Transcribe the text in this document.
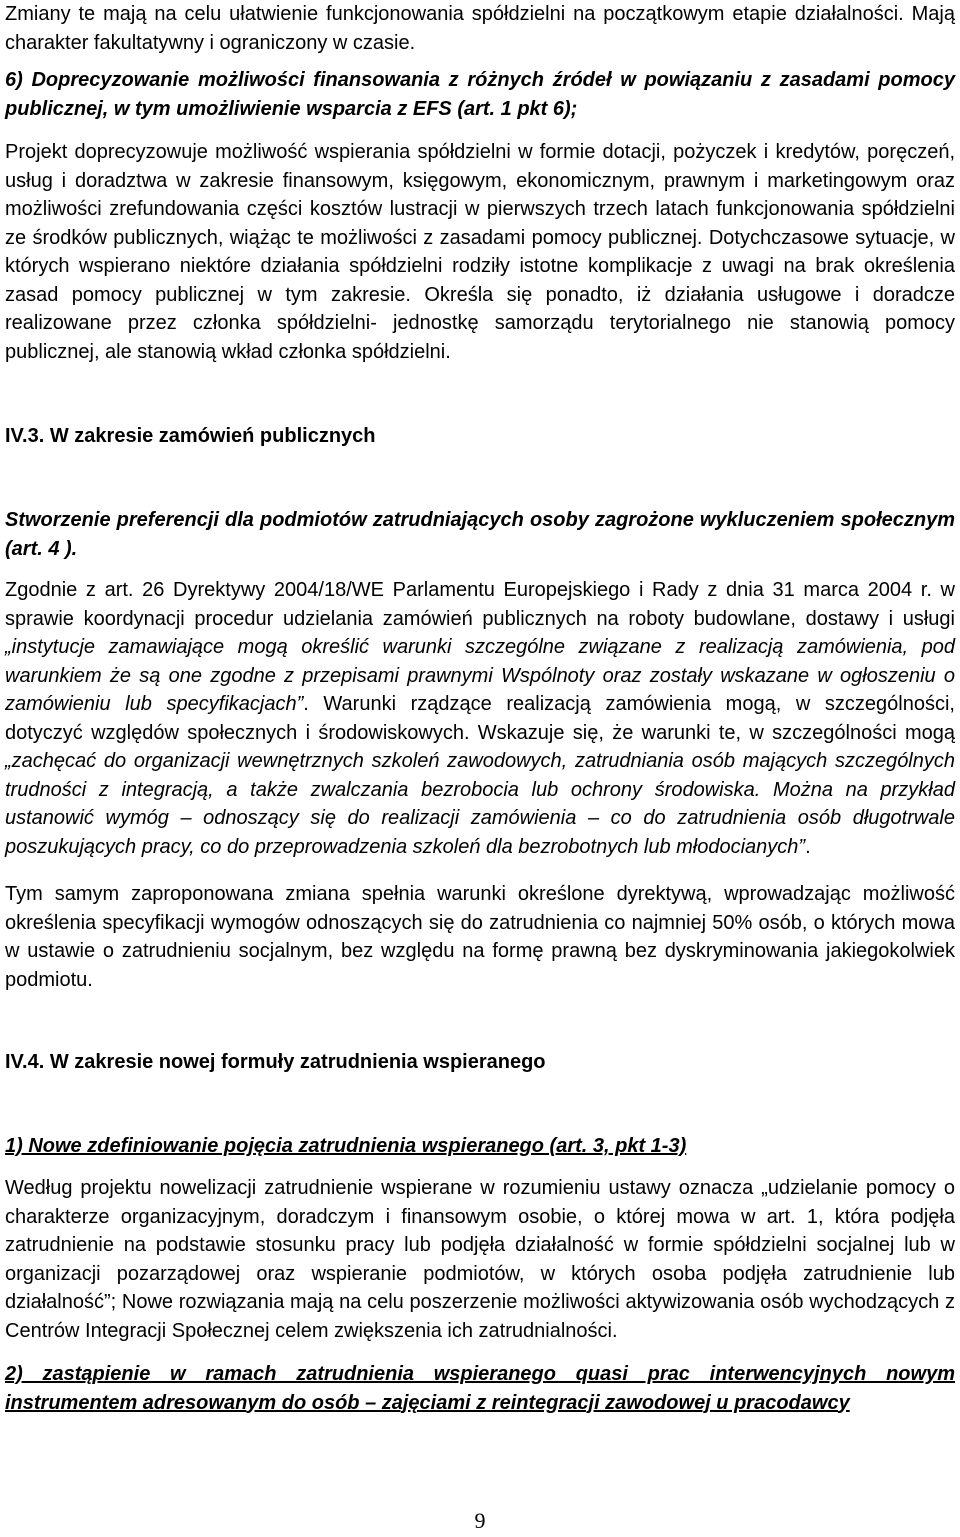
Zmiany te mają na celu ułatwienie funkcjonowania spółdzielni na początkowym etapie działalności. Mają charakter fakultatywny i ograniczony w czasie.

6) Doprecyzowanie możliwości finansowania z różnych źródeł w powiązaniu z zasadami pomocy publicznej, w tym umożliwienie wsparcia z EFS (art. 1 pkt 6);

Projekt doprecyzowuje możliwość wspierania spółdzielni w formie dotacji, pożyczek i kredytów, poręczeń, usług i doradztwa w zakresie finansowym, księgowym, ekonomicznym, prawnym i marketingowym oraz możliwości zrefundowania części kosztów lustracji w pierwszych trzech latach funkcjonowania spółdzielni ze środków publicznych, wiążąc te możliwości z zasadami pomocy publicznej. Dotychczasowe sytuacje, w których wspierano niektóre działania spółdzielni rodziły istotne komplikacje z uwagi na brak określenia zasad pomocy publicznej w tym zakresie. Określa się ponadto, iż działania usługowe i doradcze realizowane przez członka spółdzielni- jednostkę samorządu terytorialnego nie stanowią pomocy publicznej, ale stanowią wkład członka spółdzielni.

IV.3. W zakresie zamówień publicznych

Stworzenie preferencji dla podmiotów zatrudniających osoby zagrożone wykluczeniem społecznym (art. 4 ).

Zgodnie z art. 26 Dyrektywy 2004/18/WE Parlamentu Europejskiego i Rady z dnia 31 marca 2004 r. w sprawie koordynacji procedur udzielania zamówień publicznych na roboty budowlane, dostawy i usługi „instytucje zamawiające mogą określić warunki szczególne związane z realizacją zamówienia, pod warunkiem że są one zgodne z przepisami prawnymi Wspólnoty oraz zostały wskazane w ogłoszeniu o zamówieniu lub specyfikacjach”. Warunki rządzące realizacją zamówienia mogą, w szczególności, dotyczyć względów społecznych i środowiskowych. Wskazuje się, że warunki te, w szczególności mogą „zachęcać do organizacji wewnętrznych szkoleń zawodowych, zatrudniania osób mających szczególnych trudności z integracją, a także zwalczania bezrobocia lub ochrony środowiska. Można na przykład ustanowić wymóg – odnoszący się do realizacji zamówienia – co do zatrudnienia osób długotrwale poszukujących pracy, co do przeprowadzenia szkoleń dla bezrobotnych lub młodocianych”.

Tym samym zaproponowana zmiana spełnia warunki określone dyrektywą, wprowadzając możliwość określenia specyfikacji wymogów odnoszących się do zatrudnienia co najmniej 50% osób, o których mowa w ustawie o zatrudnieniu socjalnym, bez względu na formę prawną bez dyskryminowania jakiegokolwiek podmiotu.

IV.4. W zakresie nowej formuły zatrudnienia wspieranego

1) Nowe zdefiniowanie pojęcia zatrudnienia wspieranego (art. 3, pkt 1-3)

Według projektu nowelizacji zatrudnienie wspierane w rozumieniu ustawy oznacza „udzielanie pomocy o charakterze organizacyjnym, doradczym i finansowym osobie, o której mowa w art. 1, która podjęła zatrudnienie na podstawie stosunku pracy lub podjęła działalność w formie spółdzielni socjalnej lub w organizacji pozarządowej oraz wspieranie podmiotów, w których osoba podjęła zatrudnienie lub działalność”; Nowe rozwiązania mają na celu poszerzenie możliwości aktywizowania osób wychodzących z Centrów Integracji Społecznej celem zwiększenia ich zatrudnialności.

2) zastąpienie w ramach zatrudnienia wspieranego quasi prac interwencyjnych nowym instrumentem adresowanym do osób – zajęciami z reintegracji zawodowej u pracodawcy

9
